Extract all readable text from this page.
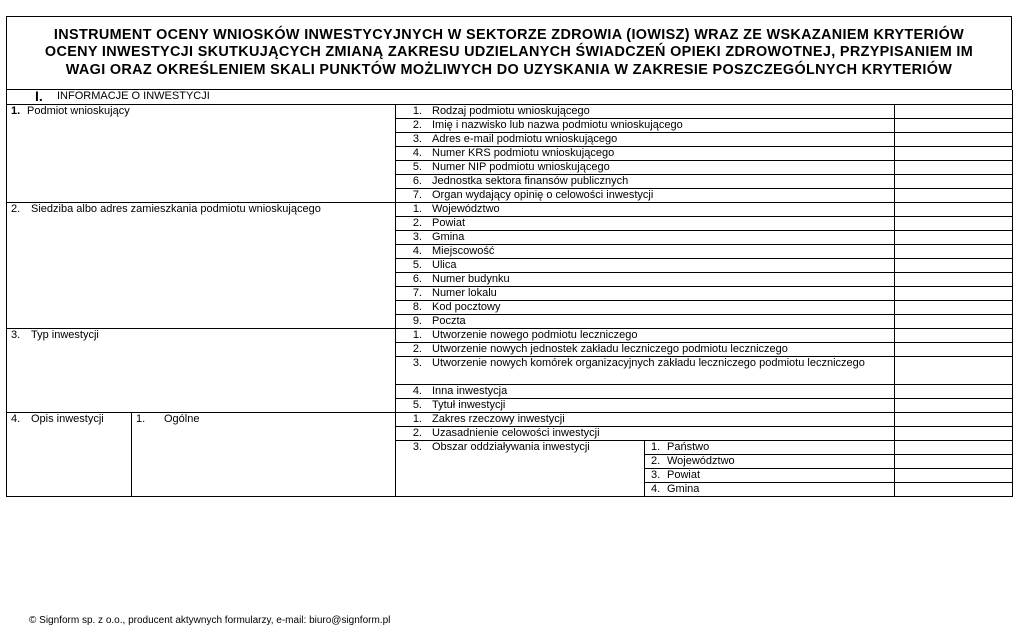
INSTRUMENT OCENY WNIOSKÓW INWESTYCYJNYCH W SEKTORZE ZDROWIA (IOWISZ) WRAZ ZE WSKAZANIEM KRYTERIÓW
OCENY INWESTYCJI SKUTKUJĄCYCH ZMIANĄ ZAKRESU UDZIELANYCH ŚWIADCZEŃ OPIEKI ZDROWOTNEJ, PRZYPISANIEM IM
WAGI ORAZ OKREŚLENIEM SKALI PUNKTÓW MOŻLIWYCH DO UZYSKANIA W ZAKRESIE POSZCZEGÓLNYCH KRYTERIÓW
I. INFORMACJE O INWESTYCJI				
1. Podmiot wnioskujący		1. Rodzaj podmiotu wnioskującego		
		2. Imię i nazwisko lub nazwa podmiotu wnioskującego		
		3. Adres e-mail podmiotu wnioskującego		
		4. Numer KRS podmiotu wnioskującego		
		5. Numer NIP podmiotu wnioskującego		
		6. Jednostka sektora finansów publicznych		
		7. Organ wydający opinię o celowości inwestycji		
2. Siedziba albo adres zamieszkania podmiotu wnioskującego		1. Województwo		
		2. Powiat		
		3. Gmina		
		4. Miejscowość		
		5. Ulica		
		6. Numer budynku		
		7. Numer lokalu		
		8. Kod pocztowy		
		9. Poczta		
3. Typ inwestycji		1. Utworzenie nowego podmiotu leczniczego		
		2. Utworzenie nowych jednostek zakładu leczniczego podmiotu leczniczego		

		3. Utworzenie nowych komórek organizacyjnych zakładu leczniczego podmiotu leczniczego		

		4. Inna inwestycja		
		5. Tytuł inwestycji		
4. Opis inwestycji	1. Ogólne	1. Zakres rzeczowy inwestycji		
		2. Uzasadnienie celowości inwestycji		
		3. Obszar oddziaływania inwestycji	1. Państwo	
			2. Województwo	
			3. Powiat	
			4. Gmina	
© Signform sp. z o.o., producent aktywnych formularzy, e-mail: biuro@signform.pl
